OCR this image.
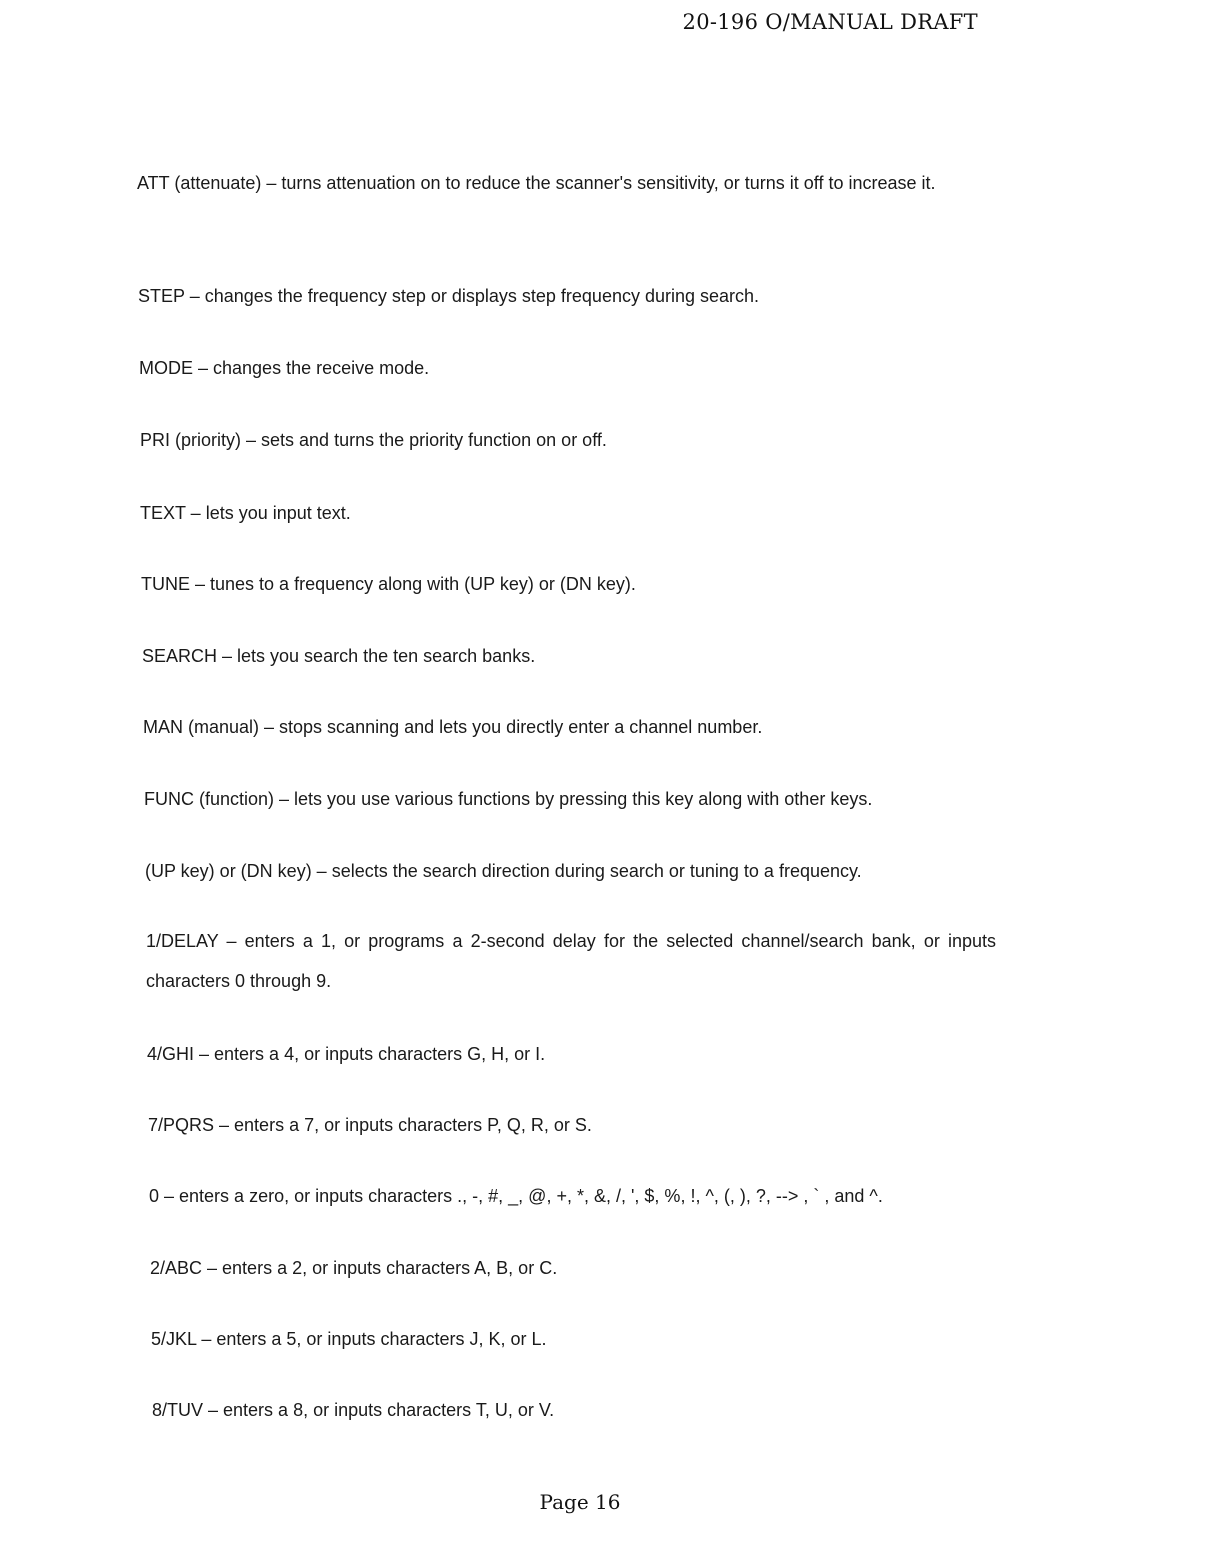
20-196 O/MANUAL DRAFT

ATT (attenuate) – turns attenuation on to reduce the scanner's sensitivity, or turns it off to increase it.

STEP – changes the frequency step or displays step frequency during search.

MODE – changes the receive mode.

PRI (priority) – sets and turns the priority function on or off.

TEXT – lets you input text.

TUNE – tunes to a frequency along with (UP key) or (DN key).

SEARCH – lets you search the ten search banks.

MAN (manual) – stops scanning and lets you directly enter a channel number.

FUNC (function) – lets you use various functions by pressing this key along with other keys.

(UP key) or (DN key) – selects the search direction during search or tuning to a frequency.

1/DELAY – enters a 1, or programs a 2-second delay for the selected channel/search bank, or inputs characters 0 through 9.

4/GHI – enters a 4, or inputs characters G, H, or I.

7/PQRS – enters a 7, or inputs characters P, Q, R, or S.

0 – enters a zero, or inputs characters ., -, #, _, @, +, *, &, /, ', $, %, !, ^, (, ), ?, --> , ` , and ^.

2/ABC – enters a 2, or inputs characters A, B, or C.

5/JKL – enters a 5, or inputs characters J, K, or L.

8/TUV – enters a 8, or inputs characters T, U, or V.

Page 16
